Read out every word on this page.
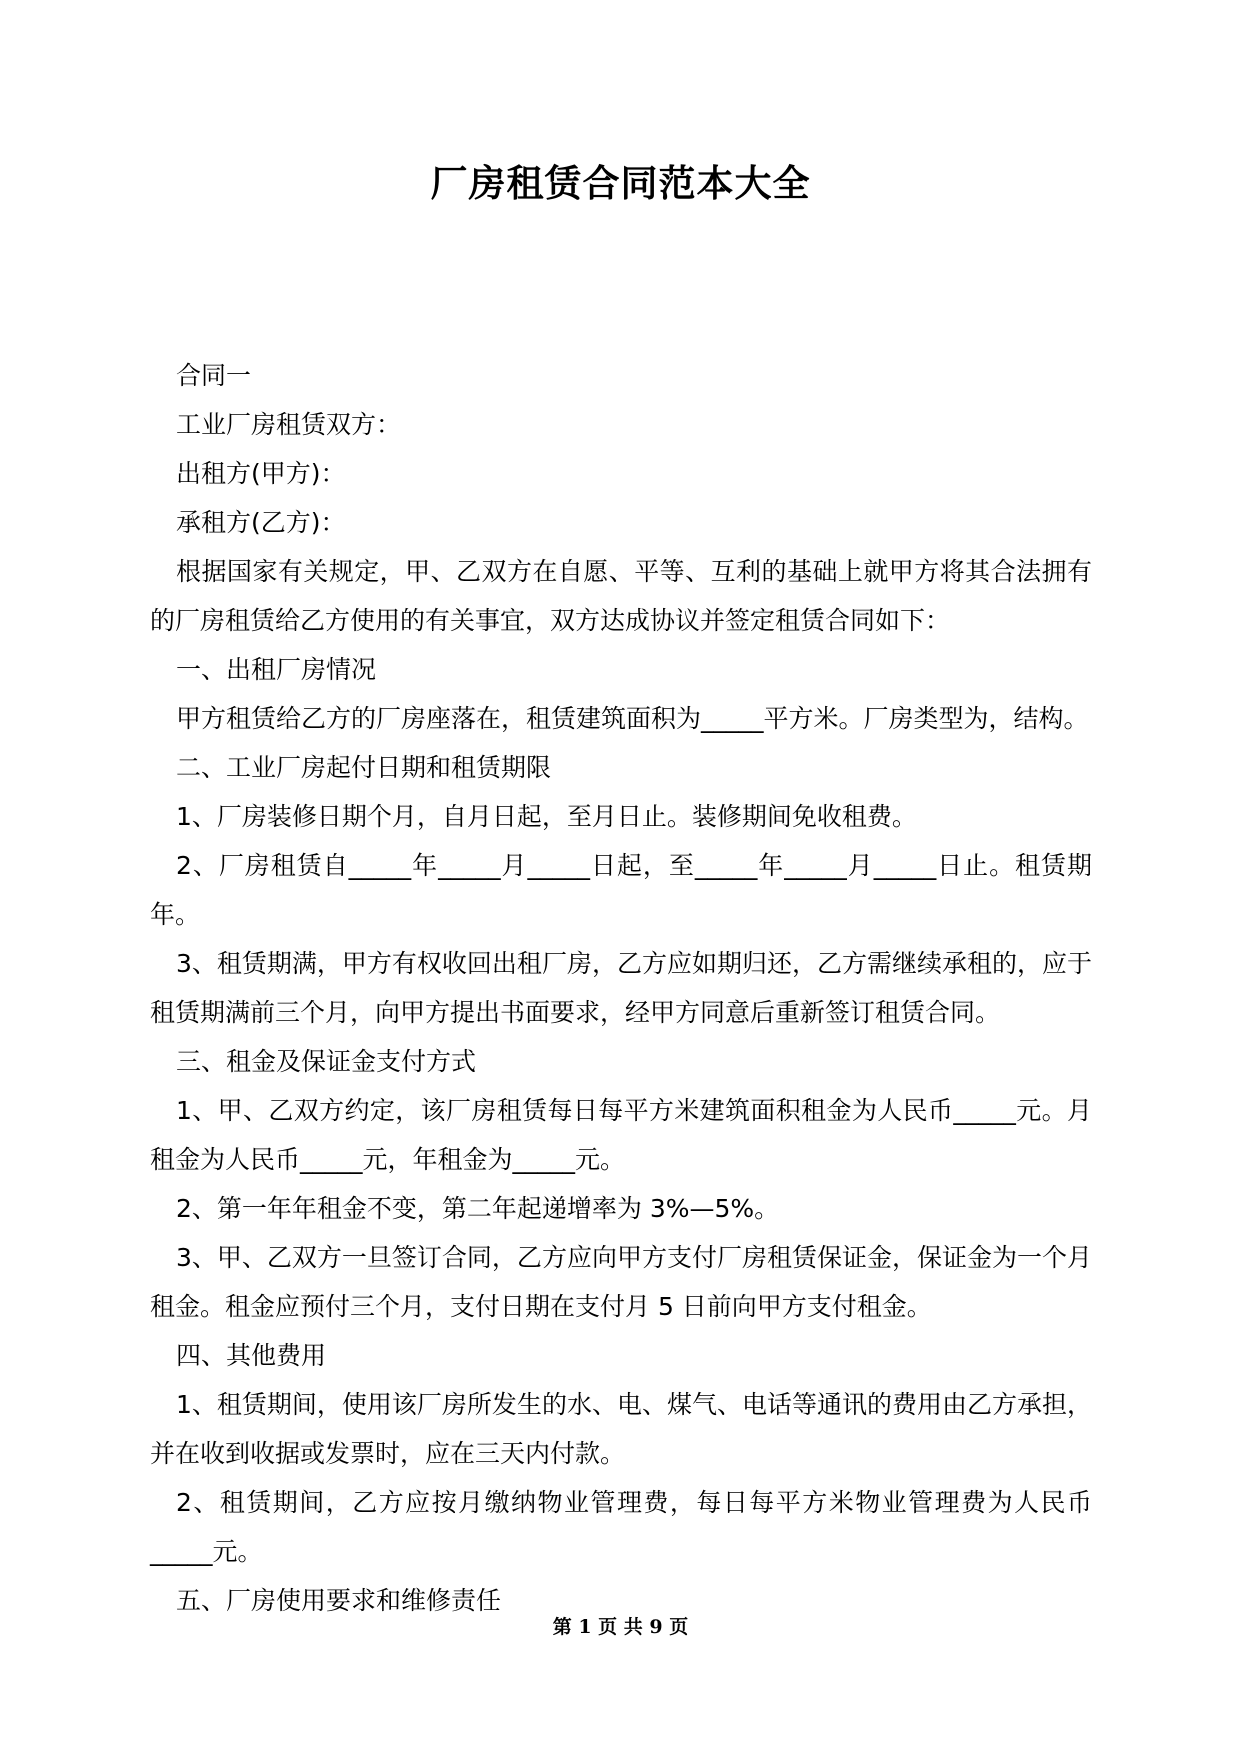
厂房租赁合同范本大全

合同一

工业厂房租赁双方：

出租方(甲方)：

承租方(乙方)：

根据国家有关规定，甲、乙双方在自愿、平等、互利的基础上就甲方将其合法拥有的厂房租赁给乙方使用的有关事宜，双方达成协议并签定租赁合同如下：

一、出租厂房情况

甲方租赁给乙方的厂房座落在，租赁建筑面积为_____平方米。厂房类型为，结构。

二、工业厂房起付日期和租赁期限

1、厂房装修日期个月，自月日起，至月日止。装修期间免收租费。

2、厂房租赁自_____年_____月_____日起，至_____年_____月_____日止。租赁期年。

3、租赁期满，甲方有权收回出租厂房，乙方应如期归还，乙方需继续承租的，应于租赁期满前三个月，向甲方提出书面要求，经甲方同意后重新签订租赁合同。

三、租金及保证金支付方式

1、甲、乙双方约定，该厂房租赁每日每平方米建筑面积租金为人民币_____元。月租金为人民币_____元，年租金为_____元。

2、第一年年租金不变，第二年起递增率为 3%—5%。

3、甲、乙双方一旦签订合同，乙方应向甲方支付厂房租赁保证金，保证金为一个月租金。租金应预付三个月，支付日期在支付月 5 日前向甲方支付租金。

四、其他费用

1、租赁期间，使用该厂房所发生的水、电、煤气、电话等通讯的费用由乙方承担，并在收到收据或发票时，应在三天内付款。

2、租赁期间，乙方应按月缴纳物业管理费，每日每平方米物业管理费为人民币_____元。

五、厂房使用要求和维修责任

第 1 页 共 9 页
